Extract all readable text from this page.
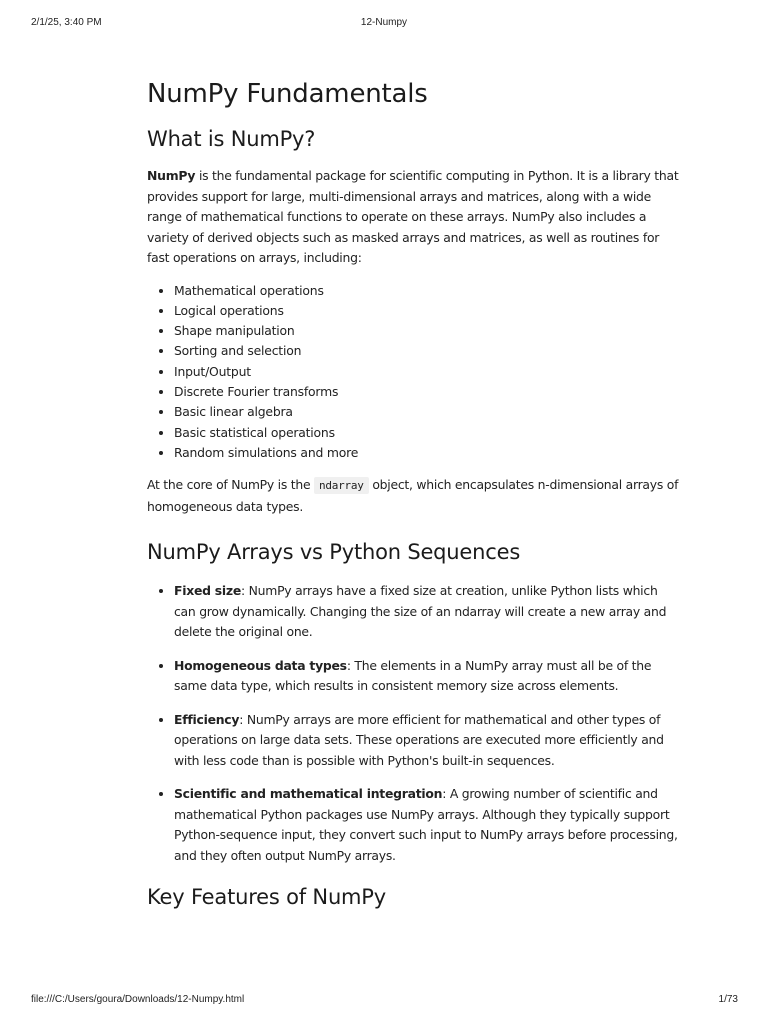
2/1/25, 3:40 PM	12-Numpy
NumPy Fundamentals
What is NumPy?

NumPy is the fundamental package for scientific computing in Python. It is a library that provides support for large, multi-dimensional arrays and matrices, along with a wide range of mathematical functions to operate on these arrays. NumPy also includes a variety of derived objects such as masked arrays and matrices, as well as routines for fast operations on arrays, including:

• Mathematical operations
• Logical operations
• Shape manipulation
• Sorting and selection
• Input/Output
• Discrete Fourier transforms
• Basic linear algebra
• Basic statistical operations
• Random simulations and more

At the core of NumPy is the ndarray object, which encapsulates n-dimensional arrays of homogeneous data types.

NumPy Arrays vs Python Sequences
• Fixed size: NumPy arrays have a fixed size at creation, unlike Python lists which can grow dynamically. Changing the size of an ndarray will create a new array and delete the original one.
• Homogeneous data types: The elements in a NumPy array must all be of the same data type, which results in consistent memory size across elements.
• Efficiency: NumPy arrays are more efficient for mathematical and other types of operations on large data sets. These operations are executed more efficiently and with less code than is possible with Python's built-in sequences.
• Scientific and mathematical integration: A growing number of scientific and mathematical Python packages use NumPy arrays. Although they typically support Python-sequence input, they convert such input to NumPy arrays before processing, and they often output NumPy arrays.
Key Features of NumPy
file:///C:/Users/goura/Downloads/12-Numpy.html	1/73
